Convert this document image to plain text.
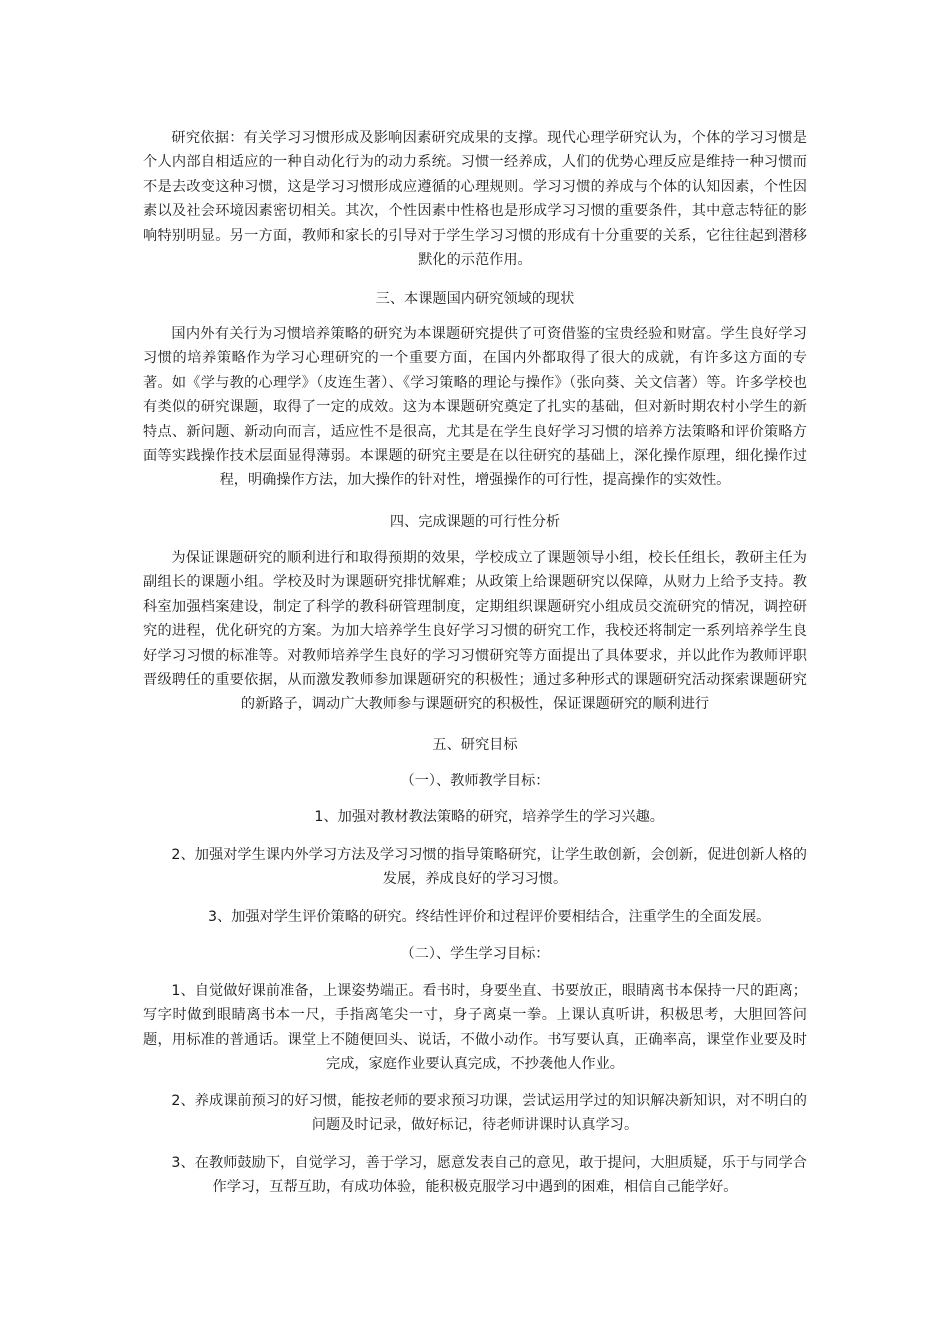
研究依据：有关学习习惯形成及影响因素研究成果的支撑。现代心理学研究认为，个体的学习习惯是个人内部自相适应的一种自动化行为的动力系统。习惯一经养成，人们的优势心理反应是维持一种习惯而不是去改变这种习惯，这是学习习惯形成应遵循的心理规则。学习习惯的养成与个体的认知因素，个性因素以及社会环境因素密切相关。其次，个性因素中性格也是形成学习习惯的重要条件，其中意志特征的影响特别明显。另一方面，教师和家长的引导对于学生学习习惯的形成有十分重要的关系，它往往起到潜移默化的示范作用。

三、本课题国内研究领域的现状

国内外有关行为习惯培养策略的研究为本课题研究提供了可资借鉴的宝贵经验和财富。学生良好学习习惯的培养策略作为学习心理研究的一个重要方面，在国内外都取得了很大的成就，有许多这方面的专著。如《学与教的心理学》（皮连生著）、《学习策略的理论与操作》（张向葵、关文信著）等。许多学校也有类似的研究课题，取得了一定的成效。这为本课题研究奠定了扎实的基础，但对新时期农村小学生的新特点、新问题、新动向而言，适应性不是很高，尤其是在学生良好学习习惯的培养方法策略和评价策略方面等实践操作技术层面显得薄弱。本课题的研究主要是在以往研究的基础上，深化操作原理，细化操作过程，明确操作方法，加大操作的针对性，增强操作的可行性，提高操作的实效性。

四、完成课题的可行性分析

为保证课题研究的顺利进行和取得预期的效果，学校成立了课题领导小组，校长任组长，教研主任为副组长的课题小组。学校及时为课题研究排忧解难；从政策上给课题研究以保障，从财力上给予支持。教科室加强档案建设，制定了科学的教科研管理制度，定期组织课题研究小组成员交流研究的情况，调控研究的进程，优化研究的方案。为加大培养学生良好学习习惯的研究工作，我校还将制定一系列培养学生良好学习习惯的标准等。对教师培养学生良好的学习习惯研究等方面提出了具体要求，并以此作为教师评职晋级聘任的重要依据，从而激发教师参加课题研究的积极性；通过多种形式的课题研究活动探索课题研究的新路子，调动广大教师参与课题研究的积极性，保证课题研究的顺利进行

五、研究目标

（一）、教师教学目标：

1、加强对教材教法策略的研究，培养学生的学习兴趣。

2、加强对学生课内外学习方法及学习习惯的指导策略研究，让学生敢创新，会创新，促进创新人格的发展，养成良好的学习习惯。

3、加强对学生评价策略的研究。终结性评价和过程评价要相结合，注重学生的全面发展。

（二）、学生学习目标：

1、自觉做好课前准备，上课姿势端正。看书时，身要坐直、书要放正，眼睛离书本保持一尺的距离；写字时做到眼睛离书本一尺，手指离笔尖一寸，身子离桌一拳。上课认真听讲，积极思考，大胆回答问题，用标准的普通话。课堂上不随便回头、说话，不做小动作。书写要认真，正确率高，课堂作业要及时完成，家庭作业要认真完成，不抄袭他人作业。

2、养成课前预习的好习惯，能按老师的要求预习功课，尝试运用学过的知识解决新知识，对不明白的问题及时记录，做好标记，待老师讲课时认真学习。

3、在教师鼓励下，自觉学习，善于学习，愿意发表自己的意见，敢于提问，大胆质疑，乐于与同学合作学习，互帮互助，有成功体验，能积极克服学习中遇到的困难，相信自己能学好。
